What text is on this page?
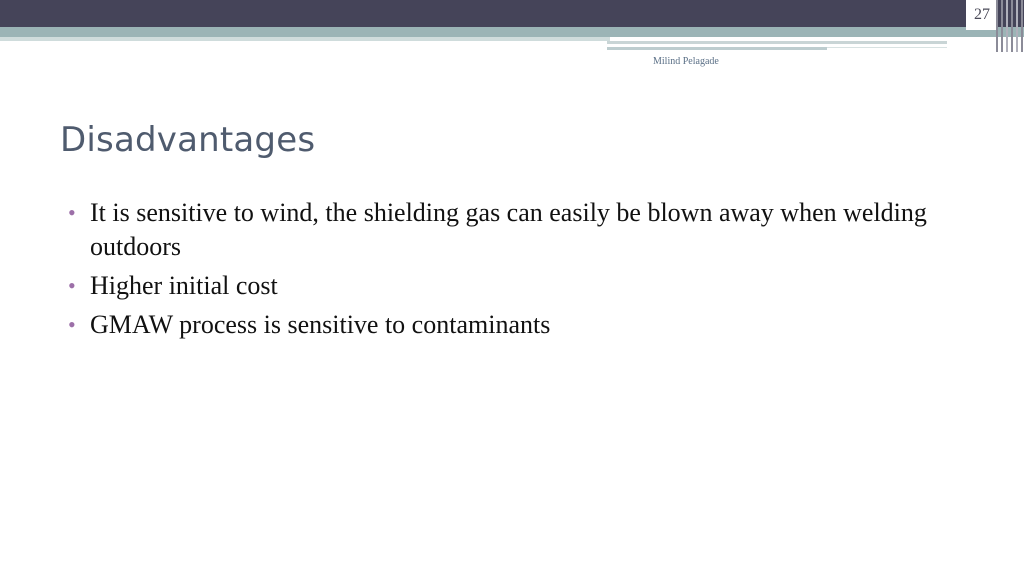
27
Milind Pelagade
Disadvantages
• It is sensitive to wind, the shielding gas can easily be blown away when welding outdoors
• Higher initial cost
• GMAW process is sensitive to contaminants
